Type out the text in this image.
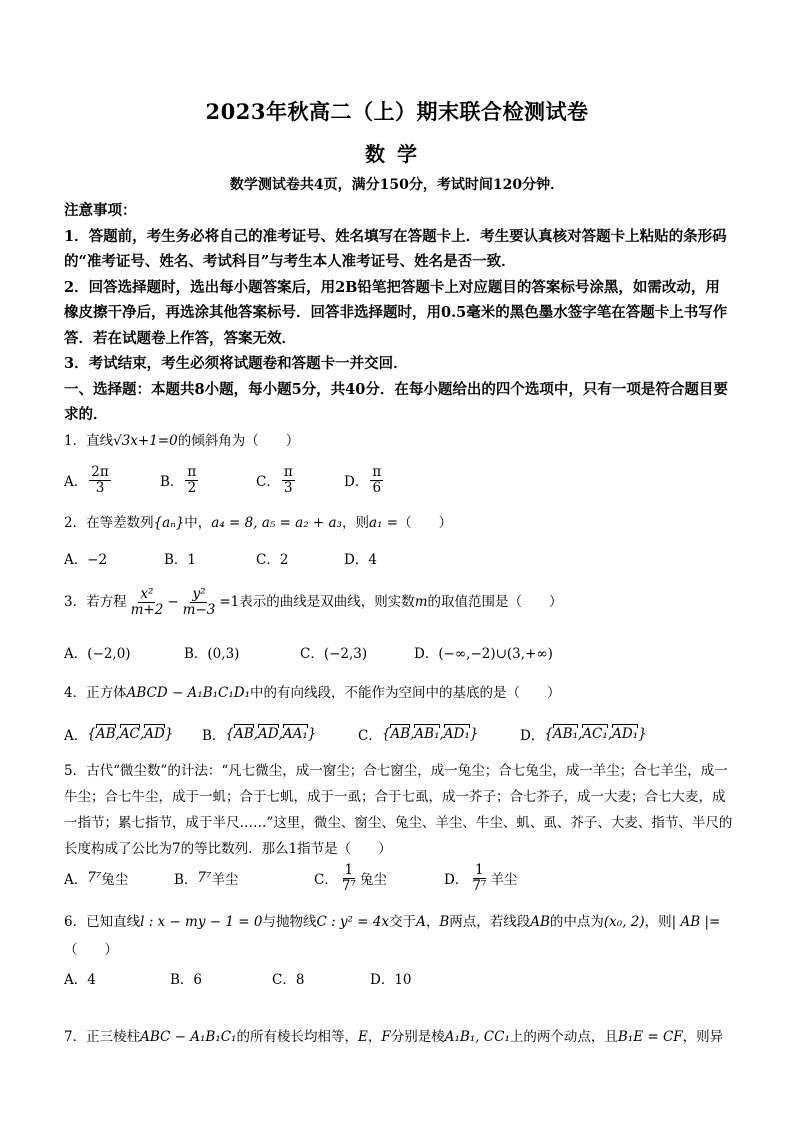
2023年秋高二（上）期末联合检测试卷
数学
数学测试卷共4页，满分150分，考试时间120分钟．

注意事项：

1．答题前，考生务必将自己的准考证号、姓名填写在答题卡上．考生要认真核对答题卡上粘贴的条形码的“准考证号、姓名、考试科目”与考生本人准考证号、姓名是否一致．

2．回答选择题时，选出每小题答案后，用2B铅笔把答题卡上对应题目的答案标号涂黑，如需改动，用橡皮擦干净后，再选涂其他答案标号．回答非选择题时，用0.5毫米的黑色墨水签字笔在答题卡上书写作答．若在试题卷上作答，答案无效．

3．考试结束，考生必须将试题卷和答题卡一并交回．

一、选择题：本题共8小题，每小题5分，共40分．在每小题给出的四个选项中，只有一项是符合题目要求的．

1．直线√3x+1=0的倾斜角为（　　）
A． $\frac{2\pi}{3}$	B． $\frac{\pi}{2}$	C． $\frac{\pi}{3}$	D． $\frac{\pi}{6}$
2．在等差数列{aₙ}中，a₄ = 8, a₅ = a₂ + a₃，则a₁ =（　　）
A．−2	B．1	C．2	D．4
3．若方程 $\frac{\text{x²}}{m+2} - \frac{\text{y²}}{m-3} =1$ 表示的曲线是双曲线，则实数 m 的取值范围是（　　）
A．(−2,0)	B．(0,3)	C．(−2,3)	D．(−∞,−2)∪(3,+∞)
4．正方体ABCD − A₁B₁C₁D₁中的有向线段，不能作为空间中的基底的是（　　）
A． { AB , AC , AD } B． { AB , AD , AA₁ }	C． { AB , AB₁ , AD₁ }	D． { AB₁ , AC₁ , AD₁ }
5．古代“微尘数”的计法：“凡七微尘，成一窗尘；合七窗尘，成一兔尘；合七兔尘，成一羊尘；合七羊尘，成一牛尘；合七牛尘，成于一虮；合于七虮，成于一虱；合于七虱，成一芥子；合七芥子，成一大麦；合七大麦，成一指节；累七指节，成于半尺……”这里，微尘、窗尘、兔尘、羊尘、牛尘、虮、虱、芥子、大麦、指节、半尺的长度构成了公比为7的等比数列．那么1指节是（　　）
A． 7⁷ 兔尘	B． 7⁷ 羊尘	C． $\frac{1}{\text{7⁷}}$ 兔尘	D． $\frac{1}{\text{7⁷}}$ 羊尘
6．已知直线l : x − my − 1 = 0与抛物线C : y² = 4x交于A，B两点，若线段AB的中点为(x₀, 2)，则| AB |=
（　　）
A．4	B．6	C．8	D．10
7．正三棱柱ABC − A₁B₁C₁的所有棱长均相等，E，F分别是棱A₁B₁, CC₁上的两个动点，且B₁E = CF，则异
